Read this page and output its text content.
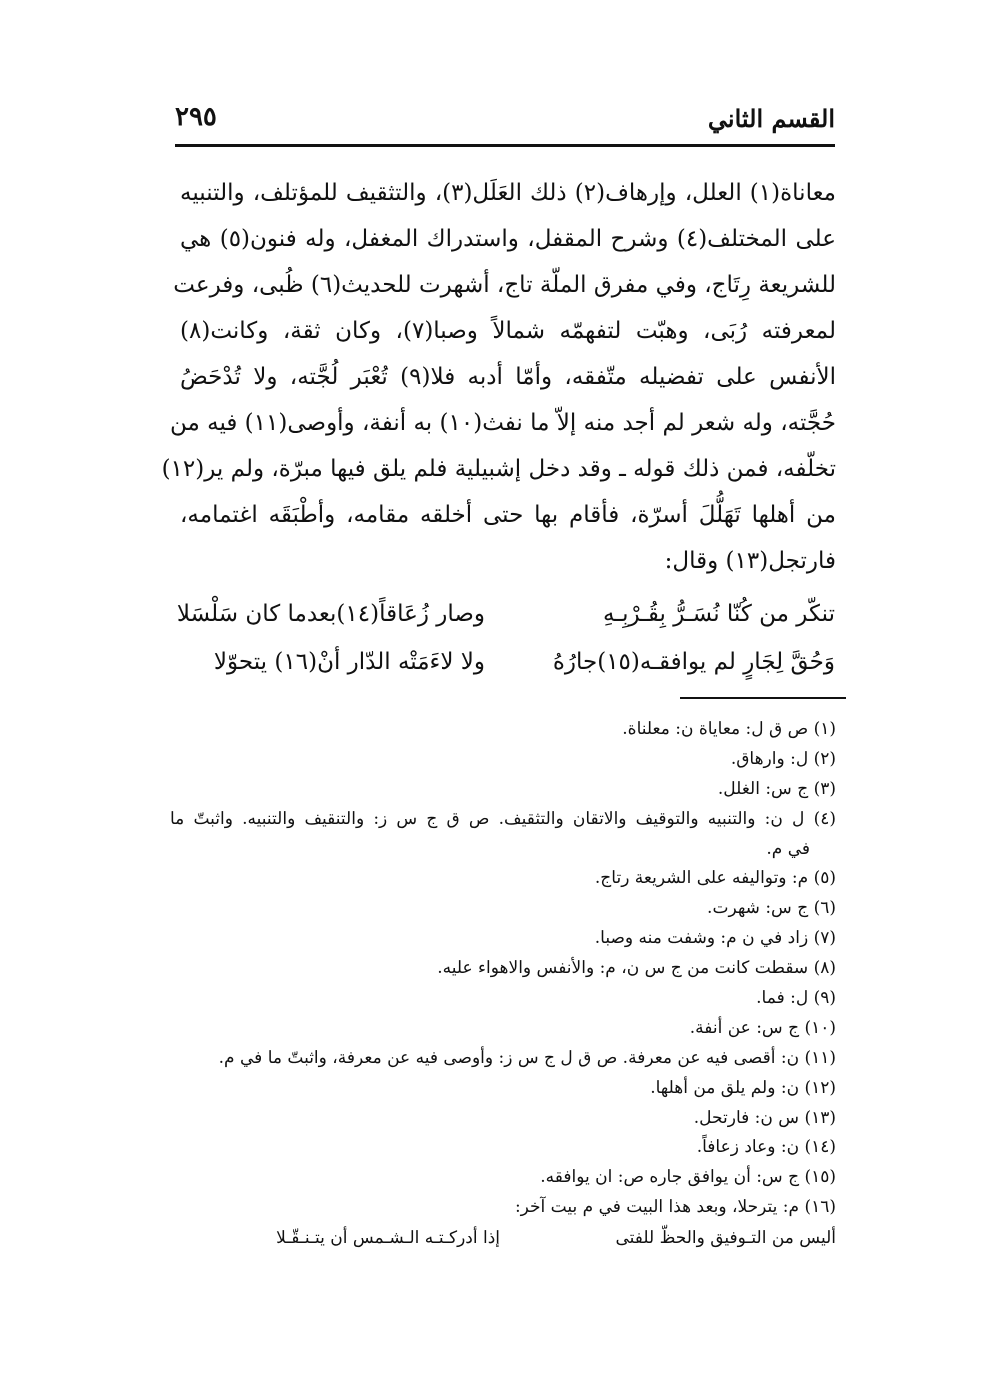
القسم الثاني
٢٩٥
معاناة(١) العلل، وإرهاف(٢) ذلك العَلَل(٣)، والتثقيف للمؤتلف، والتنبيه
على المختلف(٤) وشرح المقفل، واستدراك المغفل، وله فنون(٥) هي
للشريعة رِتَاج، وفي مفرق الملّة تاج، أشهرت للحديث(٦) ظُبى، وفرعت
لمعرفته رُبَى، وهبّت لتفهمّه شمالاً وصبا(٧)، وكان ثقة، وكانت(٨)
الأنفس على تفضيله متّفقه، وأمّا أدبه فلا(٩) تُعْبَر لُجَّته، ولا تُدْحَضُ
حُجَّته، وله شعر لم أجد منه إلاّ ما نفث(١٠) به أنفة، وأوصى(١١) فيه من
تخلّفه، فمن ذلك قوله ـ وقد دخل إشبيلية فلم يلق فيها مبرّة، ولم ير(١٢)
من أهلها تَهَلُّلَ أسرّة، فأقام بها حتى أخلقه مقامه، وأطْبَقَه اغتمامه،
فارتجل(١٣) وقال:
تنكّر من كُنّا نُسَـرُّ بِقُـرْبِـهِ
وصار زُعَاقاً(١٤)بعدما كان سَلْسَلا
وَحُقَّ لِجَارٍ لم يوافقـه(١٥)جارُهُ
ولا لاءَمَتْه الدّار أنْ(١٦) يتحوّلا
(١) ص ق ل: معاياة ن: معلناة.
(٢) ل: وارهاق.
(٣) ج س: الغلل.
(٤) ل ن: والتنبيه والتوقيف والاتقان والتثقيف. ص ق ج س ز: والتنقيف والتنبيه. واثبتّ ما
في م.
(٥) م: وتواليفه على الشريعة رتاج.
(٦) ج س: شهرت.
(٧) زاد في ن م: وشفت منه وصبا.
(٨) سقطت كانت من ج س ن، م: والأنفس والاهواء عليه.
(٩) ل: فما.
(١٠) ج س: عن أنفة.
(١١) ن: أقصى فيه عن معرفة. ص ق ل ج س ز: وأوصى فيه عن معرفة، واثبتّ ما في م.
(١٢) ن: ولم يلق من أهلها.
(١٣) س ن: فارتحل.
(١٤) ن: وعاد زعافاً.
(١٥) ج س: أن يوافق جاره ص: ان يوافقه.
(١٦) م: يترحلا، وبعد هذا البيت في م بيت آخر:
أليس من التـوفيق والحظّ للفتى
إذا أدركـتـه الـشـمس أن يتـنـقّـلا
